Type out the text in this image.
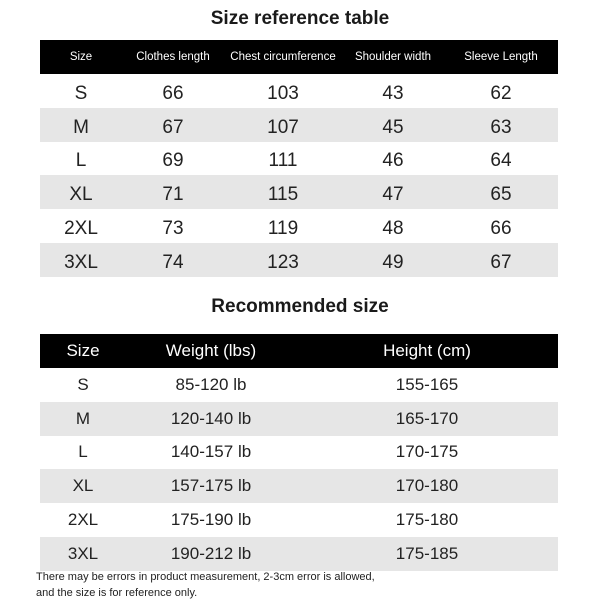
Size reference table
Size	Clothes length	Chest circumference	Shoulder width	Sleeve Length
S	66	103	43	62
M	67	107	45	63
L	69	111	46	64
XL	71	115	47	65
2XL	73	119	48	66
3XL	74	123	49	67
Recommended size
Size	Weight (lbs)	Height (cm)
S	85-120 lb	155-165
M	120-140 lb	165-170
L	140-157 lb	170-175
XL	157-175 lb	170-180
2XL	175-190 lb	175-180
3XL	190-212 lb	175-185
There may be errors in product measurement, 2-3cm error is allowed,
and the size is for reference only.
